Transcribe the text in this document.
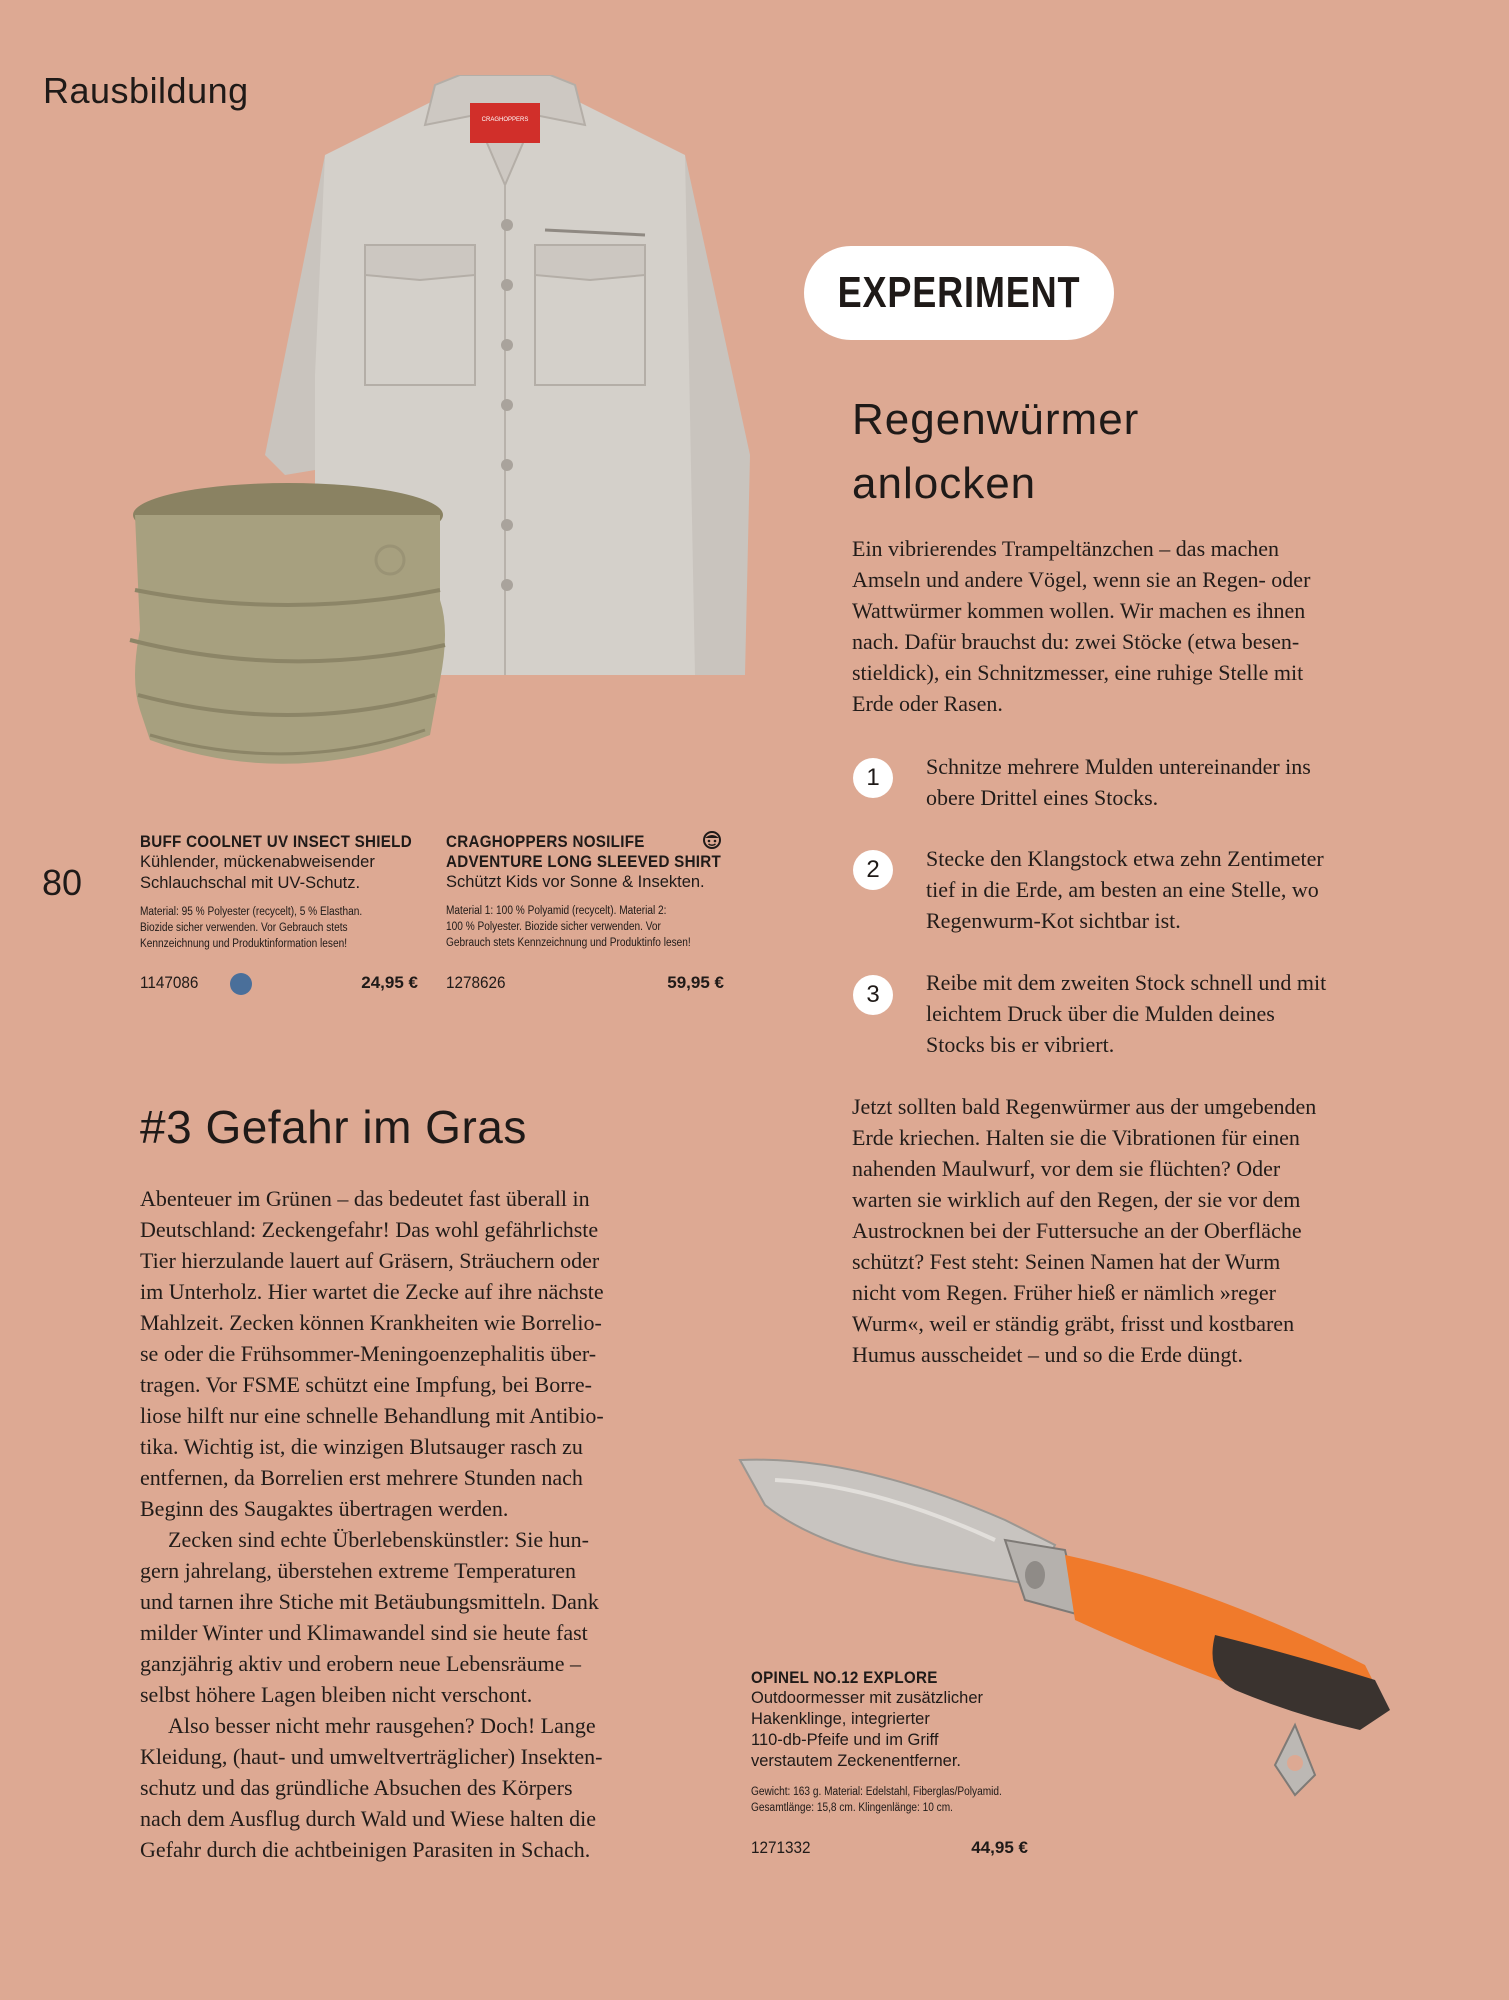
Rausbildung
80
CRAGHOPPERS
BUFF COOLNET UV INSECT SHIELD
Kühlender, mückenabweisender
Schlauchschal mit UV-Schutz.
Material: 95 % Polyester (recycelt), 5 % Elasthan.
Biozide sicher verwenden. Vor Gebrauch stets
Kennzeichnung und Produktinformation lesen!
1147086	24,95 €
CRAGHOPPERS NOSILIFE
ADVENTURE LONG SLEEVED SHIRT
Schützt Kids vor Sonne & Insekten.
Material 1: 100 % Polyamid (recycelt). Material 2:
100 % Polyester. Biozide sicher verwenden. Vor
Gebrauch stets Kennzeichnung und Produktinfo lesen!
1278626	59,95 €
EXPERIMENT
Regenwürmer
anlocken
Ein vibrierendes Trampeltänzchen – das machen
Amseln und andere Vögel, wenn sie an Regen- oder
Wattwürmer kommen wollen. Wir machen es ihnen
nach. Dafür brauchst du: zwei Stöcke (etwa besen-
stieldick), ein Schnitzmesser, eine ruhige Stelle mit
Erde oder Rasen.
1	Schnitze mehrere Mulden untereinander ins
obere Drittel eines Stocks.
2	Stecke den Klangstock etwa zehn Zentimeter
tief in die Erde, am besten an eine Stelle, wo
Regenwurm-Kot sichtbar ist.
3	Reibe mit dem zweiten Stock schnell und mit
leichtem Druck über die Mulden deines
Stocks bis er vibriert.
Jetzt sollten bald Regenwürmer aus der umgebenden
Erde kriechen. Halten sie die Vibrationen für einen
nahenden Maulwurf, vor dem sie flüchten? Oder
warten sie wirklich auf den Regen, der sie vor dem
Austrocknen bei der Futtersuche an der Oberfläche
schützt? Fest steht: Seinen Namen hat der Wurm
nicht vom Regen. Früher hieß er nämlich »reger
Wurm«, weil er ständig gräbt, frisst und kostbaren
Humus ausscheidet – und so die Erde düngt.
#3 Gefahr im Gras
Abenteuer im Grünen – das bedeutet fast überall in
Deutschland: Zeckengefahr! Das wohl gefährlichste
Tier hierzulande lauert auf Gräsern, Sträuchern oder
im Unterholz. Hier wartet die Zecke auf ihre nächste
Mahlzeit. Zecken können Krankheiten wie Borrelio-
se oder die Frühsommer-Meningoenzephalitis über-
tragen. Vor FSME schützt eine Impfung, bei Borre-
liose hilft nur eine schnelle Behandlung mit Antibio-
tika. Wichtig ist, die winzigen Blutsauger rasch zu
entfernen, da Borrelien erst mehrere Stunden nach
Beginn des Saugaktes übertragen werden.
Zecken sind echte Überlebenskünstler: Sie hun-
gern jahrelang, überstehen extreme Temperaturen
und tarnen ihre Stiche mit Betäubungsmitteln. Dank
milder Winter und Klimawandel sind sie heute fast
ganzjährig aktiv und erobern neue Lebensräume –
selbst höhere Lagen bleiben nicht verschont.
Also besser nicht mehr rausgehen? Doch! Lange
Kleidung, (haut- und umweltverträglicher) Insekten-
schutz und das gründliche Absuchen des Körpers
nach dem Ausflug durch Wald und Wiese halten die
Gefahr durch die achtbeinigen Parasiten in Schach.
OPINEL NO.12 EXPLORE
Outdoormesser mit zusätzlicher
Hakenklinge, integrierter
110-db-Pfeife und im Griff
verstautem Zeckenentferner.
Gewicht: 163 g. Material: Edelstahl, Fiberglas/Polyamid.
Gesamtlänge: 15,8 cm. Klingenlänge: 10 cm.
1271332	44,95 €
